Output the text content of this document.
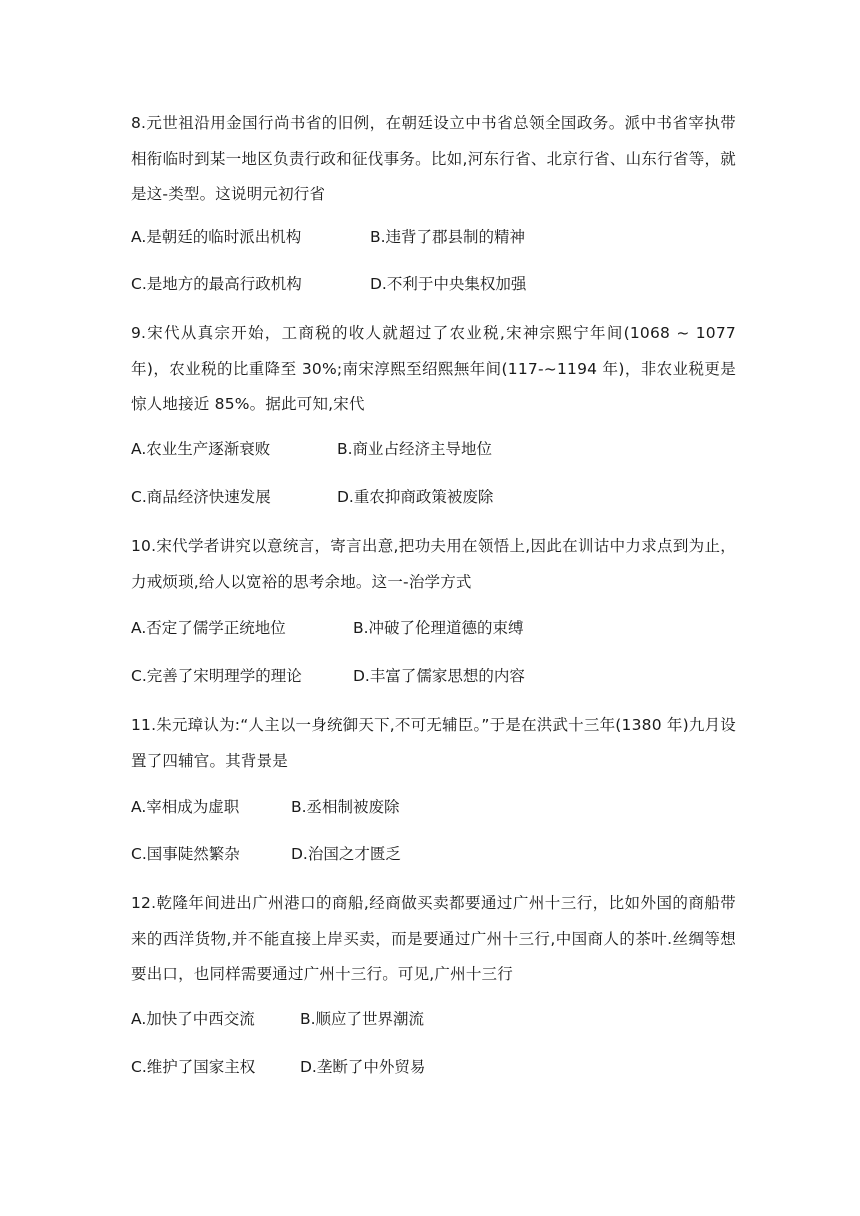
8.元世祖沿用金国行尚书省的旧例，在朝廷设立中书省总领全国政务。派中书省宰执带相衔临时到某一地区负责行政和征伐事务。比如,河东行省、北京行省、山东行省等，就是这-类型。这说明元初行省
A.是朝廷的临时派出机构	B.违背了郡县制的精神
C.是地方的最高行政机构	D.不利于中央集权加强
9.宋代从真宗开始，工商税的收人就超过了农业税,宋神宗熙宁年间(1068 ~ 1077年)，农业税的比重降至 30%;南宋淳熙至绍熙無年间(117-~1194 年)，非农业税更是惊人地接近 85%。据此可知,宋代
A.农业生产逐渐衰败	B.商业占经济主导地位
C.商品经济快速发展	D.重农抑商政策被废除
10.宋代学者讲究以意统言，寄言出意,把功夫用在领悟上,因此在训诂中力求点到为止，力戒烦琐,给人以宽裕的思考余地。这一-治学方式
A.否定了儒学正统地位	B.冲破了伦理道德的束缚
C.完善了宋明理学的理论	D.丰富了儒家思想的内容
11.朱元璋认为:“人主以一身统御天下,不可无辅臣。”于是在洪武十三年(1380 年)九月设置了四辅官。其背景是
A.宰相成为虚职	B.丞相制被废除
C.国事陡然繁杂	D.治国之才匮乏
12.乾隆年间进出广州港口的商船,经商做买卖都要通过广州十三行，比如外国的商船带来的西洋货物,并不能直接上岸买卖，而是要通过广州十三行,中国商人的茶叶.丝绸等想要出口，也同样需要通过广州十三行。可见,广州十三行
A.加快了中西交流	B.顺应了世界潮流
C.维护了国家主权	D.垄断了中外贸易
